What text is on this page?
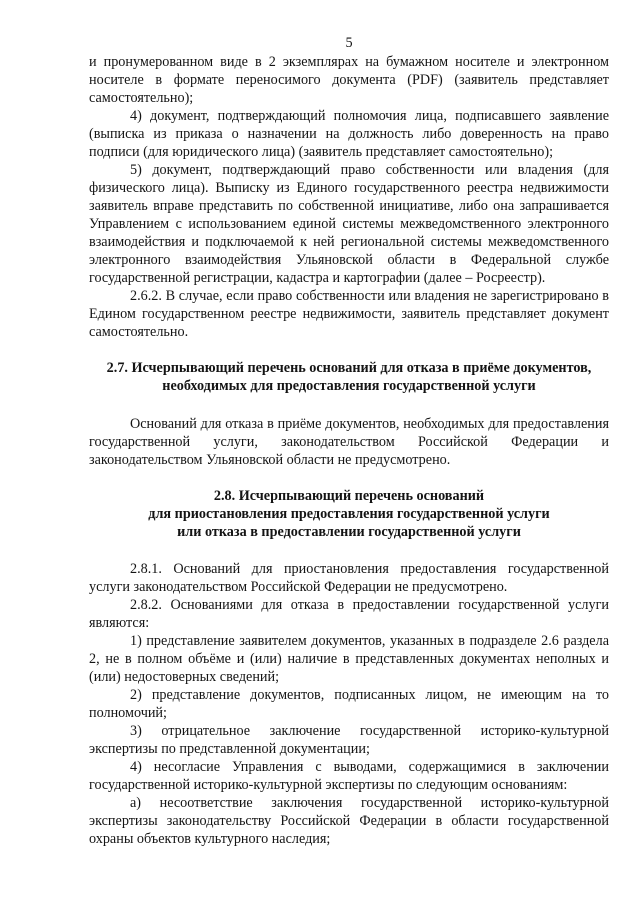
5

и пронумерованном виде в 2 экземплярах на бумажном носителе и электронном носителе в формате переносимого документа (PDF) (заявитель представляет самостоятельно);

4) документ, подтверждающий полномочия лица, подписавшего заявление (выписка из приказа о назначении на должность либо доверенность на право подписи (для юридического лица) (заявитель представляет самостоятельно);

5) документ, подтверждающий право собственности или владения (для физического лица). Выписку из Единого государственного реестра недвижимости заявитель вправе представить по собственной инициативе, либо она запрашивается Управлением с использованием единой системы межведомственного электронного взаимодействия и подключаемой к ней региональной системы межведомственного электронного взаимодействия Ульяновской области в Федеральной службе государственной регистрации, кадастра и картографии (далее – Росреестр).

2.6.2. В случае, если право собственности или владения не зарегистрировано в Едином государственном реестре недвижимости, заявитель представляет документ самостоятельно.

2.7. Исчерпывающий перечень оснований для отказа в приёме документов, необходимых для предоставления государственной услуги

Оснований для отказа в приёме документов, необходимых для предоставления государственной услуги, законодательством Российской Федерации и законодательством Ульяновской области не предусмотрено.

2.8. Исчерпывающий перечень оснований
для приостановления предоставления государственной услуги
или отказа в предоставлении государственной услуги

2.8.1. Оснований для приостановления предоставления государственной услуги законодательством Российской Федерации не предусмотрено.

2.8.2. Основаниями для отказа в предоставлении государственной услуги являются:

1) представление заявителем документов, указанных в подразделе 2.6 раздела 2, не в полном объёме и (или) наличие в представленных документах неполных и (или) недостоверных сведений;

2) представление документов, подписанных лицом, не имеющим на то полномочий;

3) отрицательное заключение государственной историко-культурной экспертизы по представленной документации;

4) несогласие Управления с выводами, содержащимися в заключении государственной историко-культурной экспертизы по следующим основаниям:

а) несоответствие заключения государственной историко-культурной экспертизы законодательству Российской Федерации в области государственной охраны объектов культурного наследия;
